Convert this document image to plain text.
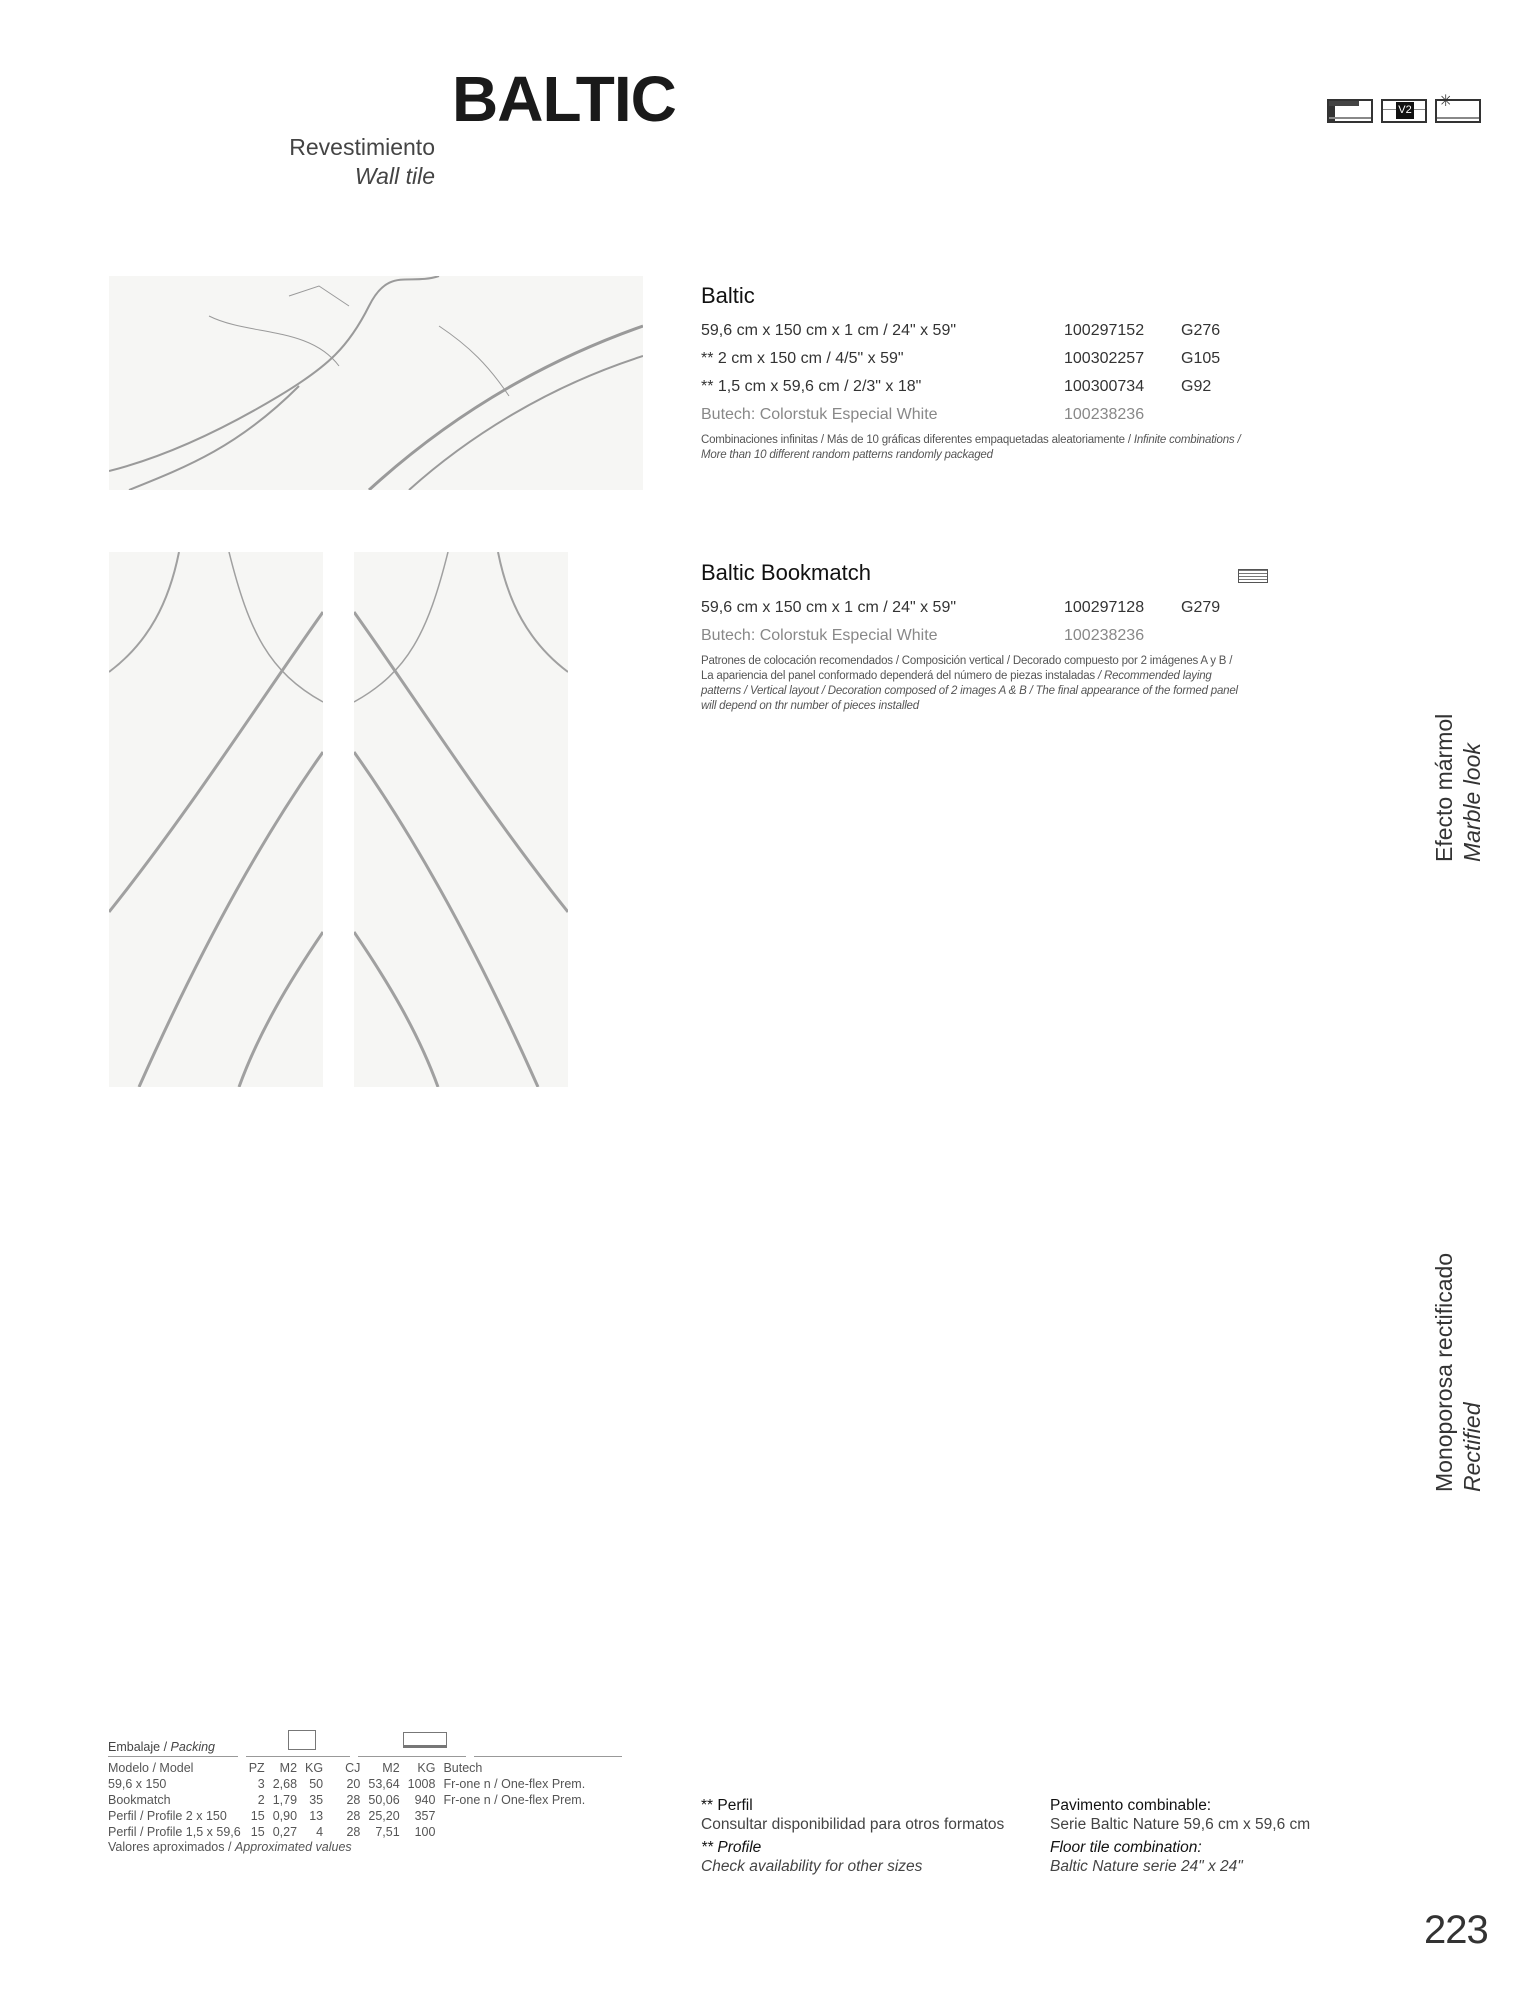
BALTIC
Revestimiento
Wall tile
V2 ✳
Baltic
59,6 cm x 150 cm x 1 cm / 24" x 59"	100297152	G276
** 2 cm x 150 cm / 4/5" x 59"	100302257	G105
** 1,5 cm x 59,6 cm / 2/3" x 18"	100300734	G92
Butech: Colorstuk Especial White	100238236
Combinaciones infinitas / Más de 10 gráficas diferentes empaquetadas aleatoriamente / Infinite combinations / More than 10 different random patterns randomly packaged
Baltic Bookmatch
59,6 cm x 150 cm x 1 cm / 24" x 59"	100297128	G279
Butech: Colorstuk Especial White	100238236
Patrones de colocación recomendados / Composición vertical / Decorado compuesto por 2 imágenes A y B / La apariencia del panel conformado dependerá del número de piezas instaladas / Recommended laying patterns / Vertical layout / Decoration composed of 2 images A & B / The final appearance of the formed panel will depend on thr number of pieces installed
Efecto mármol Marble look
Monoporosa rectificado Rectified
Embalaje / Packing
Modelo / Model	PZ	M2	KG	CJ	M2	KG	Butech
59,6 x 150	3	2,68	50	20	53,64	1008	Fr-one n / One-flex Prem.
Bookmatch	2	1,79	35	28	50,06	940	Fr-one n / One-flex Prem.
Perfil / Profile 2 x 150	15	0,90	13	28	25,20	357	
Perfil / Profile 1,5 x 59,6	15	0,27	4	28	7,51	100	
Valores aproximados / Approximated values
** Perfil
Consultar disponibilidad para otros formatos
** Profile
Check availability for other sizes
Pavimento combinable:
Serie Baltic Nature 59,6 cm x 59,6 cm
Floor tile combination:
Baltic Nature serie 24" x 24"
223
